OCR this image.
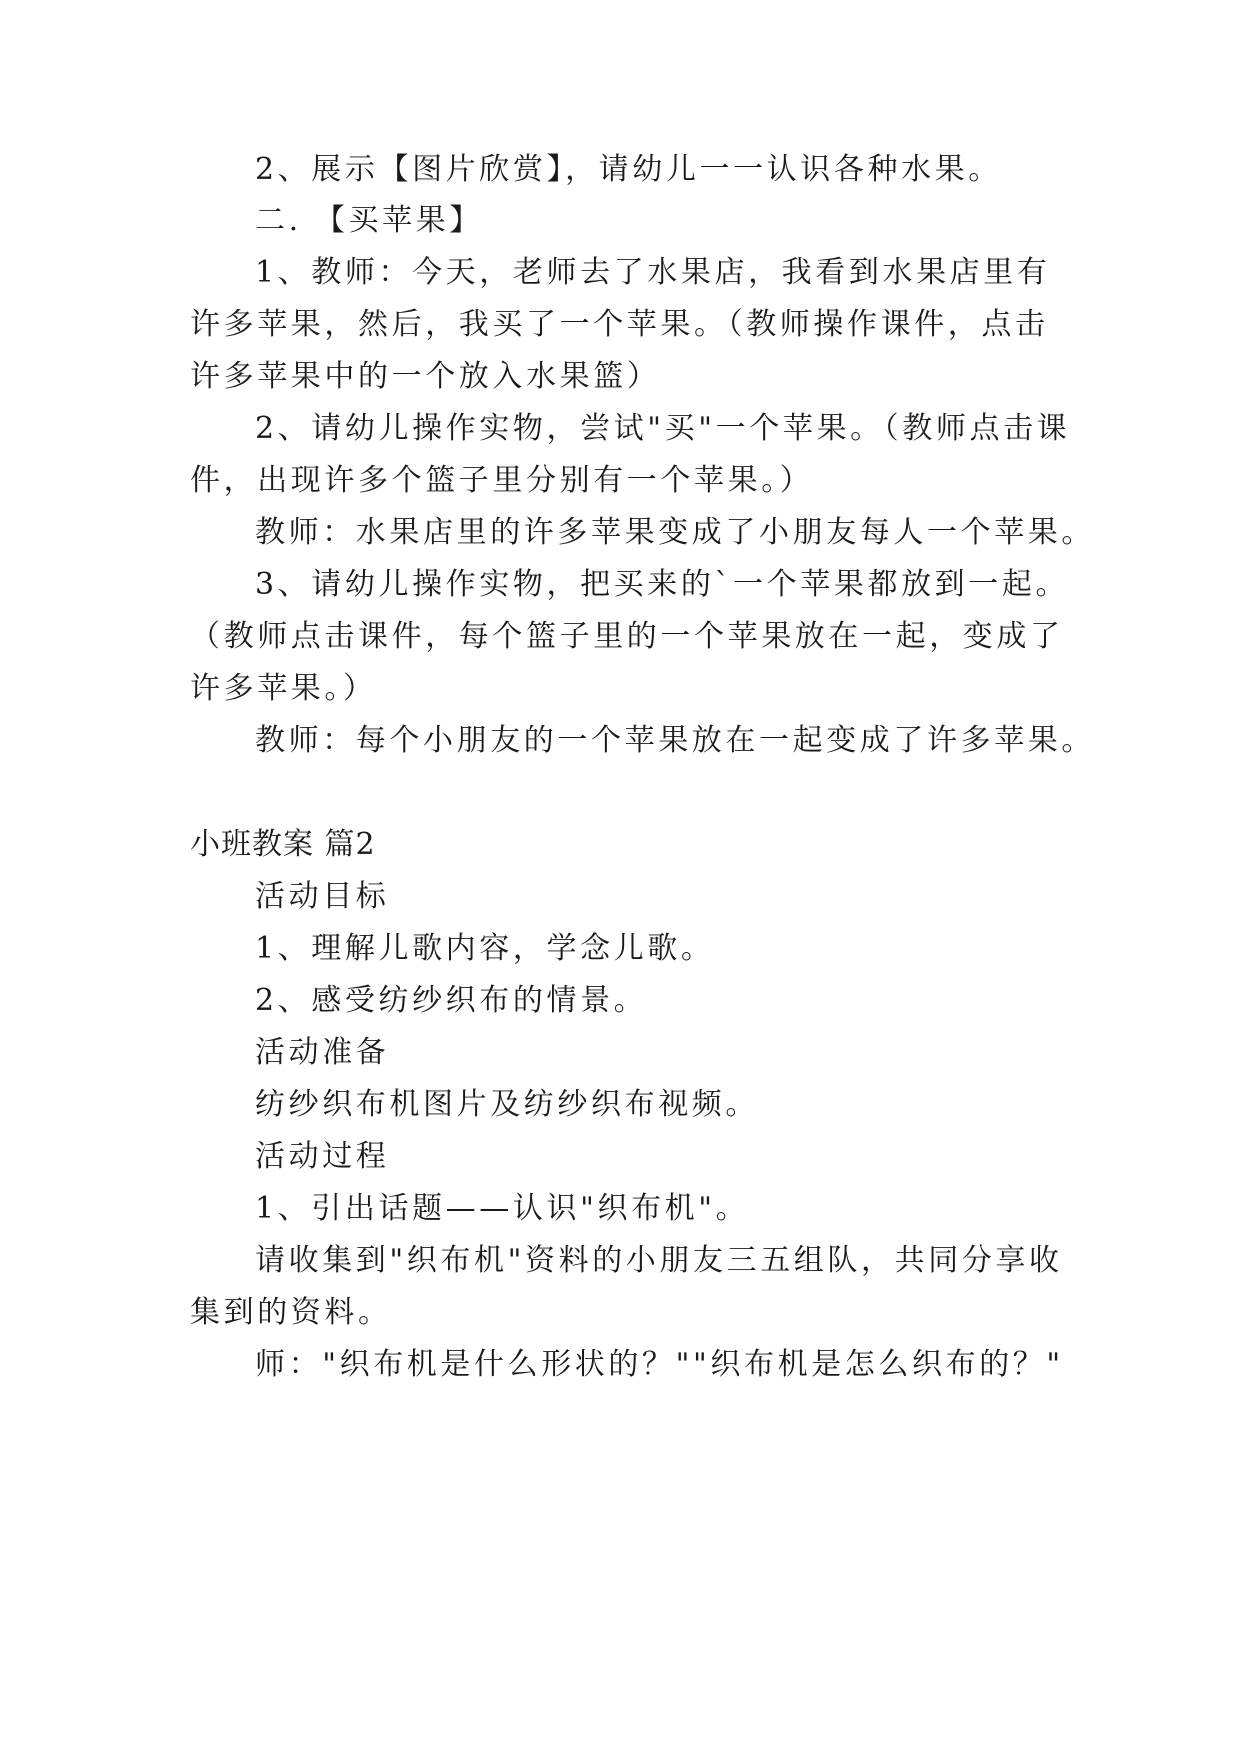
2、展示【图片欣赏】，请幼儿一一认识各种水果。
二. 【买苹果】
1、教师：今天，老师去了水果店，我看到水果店里有
许多苹果，然后，我买了一个苹果。（教师操作课件，点击
许多苹果中的一个放入水果篮）
2、请幼儿操作实物，尝试"买"一个苹果。（教师点击课
件，出现许多个篮子里分别有一个苹果。）
教师：水果店里的许多苹果变成了小朋友每人一个苹果。
3、请幼儿操作实物，把买来的`一个苹果都放到一起。
（教师点击课件，每个篮子里的一个苹果放在一起，变成了
许多苹果。）
教师：每个小朋友的一个苹果放在一起变成了许多苹果。
小班教案 篇2
活动目标
1、理解儿歌内容，学念儿歌。
2、感受纺纱织布的情景。
活动准备
纺纱织布机图片及纺纱织布视频。
活动过程
1、引出话题——认识"织布机"。
请收集到"织布机"资料的小朋友三五组队，共同分享收
集到的资料。
师："织布机是什么形状的？""织布机是怎么织布的？"
